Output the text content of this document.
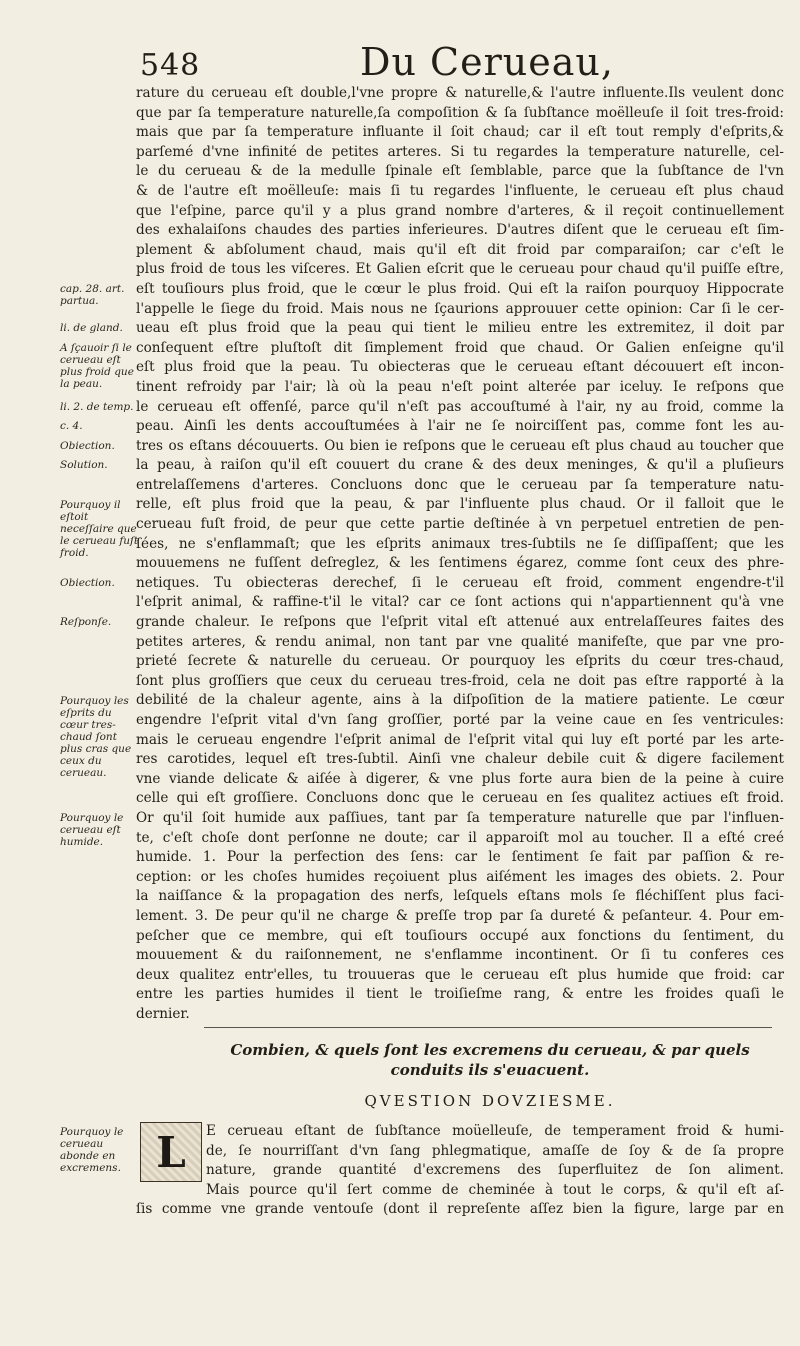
548	Du Cerueau,
cap. 28. art. partua.
li. de gland.
A ſçauoir ſi le cerueau eſt plus froid que la peau.
li. 2. de temp.
c. 4.
Obiection.
Solution.
Pourquoy il eſtoit neceſſaire que le cerueau fuſt froid.
Obiection.
Reſponſe.
Pourquoy les eſprits du cœur tres-chaud ſont plus cras que ceux du cerueau.
Pourquoy le cerueau eſt humide.
rature du cerueau eſt double,l'vne propre & naturelle,& l'autre influente.Ils veulent donc
que par ſa temperature naturelle,ſa compoſition & ſa ſubſtance moëlleuſe il ſoit tres-froid:
mais que par ſa temperature influante il ſoit chaud; car il eſt tout remply d'eſprits,&
parſemé d'vne infinité de petites arteres. Si tu regardes la temperature naturelle, cel-
le du cerueau & de la medulle ſpinale eſt ſemblable, parce que la ſubſtance de l'vn
& de l'autre eſt moëlleuſe: mais ſi tu regardes l'influente, le cerueau eſt plus chaud
que l'eſpine, parce qu'il y a plus grand nombre d'arteres, & il reçoit continuellement
des exhalaiſons chaudes des parties inferieures. D'autres diſent que le cerueau eſt ſim-
plement & abſolument chaud, mais qu'il eſt dit froid par comparaiſon; car c'eſt le
plus froid de tous les viſceres. Et Galien eſcrit que le cerueau pour chaud qu'il puiſſe eſtre,
eſt touſiours plus froid, que le cœur le plus froid. Qui eſt la raiſon pourquoy Hippocrate
l'appelle le ſiege du froid. Mais nous ne ſçaurions approuuer cette opinion: Car ſi le cer-
ueau eſt plus froid que la peau qui tient le milieu entre les extremitez, il doit par
conſequent eſtre pluſtoſt dit ſimplement froid que chaud. Or Galien enſeigne qu'il
eſt plus froid que la peau. Tu obiecteras que le cerueau eſtant découuert eſt incon-
tinent refroidy par l'air; là où la peau n'eſt point alterée par iceluy. Ie reſpons que
le cerueau eſt offenſé, parce qu'il n'eſt pas accouſtumé à l'air, ny au froid, comme la
peau. Ainſi les dents accouſtumées à l'air ne ſe noirciſſent pas, comme font les au-
tres os eſtans découuerts. Ou bien ie reſpons que le cerueau eſt plus chaud au toucher que
la peau, à raiſon qu'il eſt couuert du crane & des deux meninges, & qu'il a pluſieurs
entrelaſſemens d'arteres. Concluons donc que le cerueau par ſa temperature natu-
relle, eſt plus froid que la peau, & par l'influente plus chaud. Or il falloit que le
cerueau fuſt froid, de peur que cette partie deſtinée à vn perpetuel entretien de pen-
ſées, ne s'enflammaſt; que les eſprits animaux tres-ſubtils ne ſe diſſipaſſent; que les
mouuemens ne fuſſent deſreglez, & les ſentimens égarez, comme ſont ceux des phre-
netiques. Tu obiecteras derechef, ſi le cerueau eſt froid, comment engendre-t'il
l'eſprit animal, & raffine-t'il le vital? car ce ſont actions qui n'appartiennent qu'à vne
grande chaleur. Ie reſpons que l'eſprit vital eſt attenué aux entrelaſſeures faites des
petites arteres, & rendu animal, non tant par vne qualité manifeſte, que par vne pro-
prieté ſecrete & naturelle du cerueau. Or pourquoy les eſprits du cœur tres-chaud,
ſont plus groſſiers que ceux du cerueau tres-froid, cela ne doit pas eſtre rapporté à la
debilité de la chaleur agente, ains à la diſpoſition de la matiere patiente. Le cœur
engendre l'eſprit vital d'vn ſang groſſier, porté par la veine caue en ſes ventricules:
mais le cerueau engendre l'eſprit animal de l'eſprit vital qui luy eſt porté par les arte-
res carotides, lequel eſt tres-ſubtil. Ainſi vne chaleur debile cuit & digere facilement
vne viande delicate & aiſée à digerer, & vne plus forte aura bien de la peine à cuire
celle qui eſt groſſiere. Concluons donc que le cerueau en ſes qualitez actiues eſt froid.
Or qu'il ſoit humide aux paſſiues, tant par ſa temperature naturelle que par l'influen-
te, c'eſt choſe dont perſonne ne doute; car il apparoiſt mol au toucher. Il a eſté creé
humide. 1. Pour la perfection des ſens: car le ſentiment ſe fait par paſſion & re-
ception: or les choſes humides reçoiuent plus aiſément les images des obiets. 2. Pour
la naiſſance & la propagation des nerfs, leſquels eſtans mols ſe fléchiſſent plus faci-
lement. 3. De peur qu'il ne charge & preſſe trop par ſa dureté & peſanteur. 4. Pour em-
peſcher que ce membre, qui eſt touſiours occupé aux fonctions du ſentiment, du
mouuement & du raiſonnement, ne s'enflamme incontinent. Or ſi tu conferes ces
deux qualitez entr'elles, tu trouueras que le cerueau eſt plus humide que froid: car
entre les parties humides il tient le troiſieſme rang, & entre les froides quaſi le
dernier.
Combien, & quels ſont les excremens du cerueau, & par quels
conduits ils s'euacuent.
QVESTION DOVZIESME.
L
Pourquoy le cerueau abonde en excremens.
E cerueau eſtant de ſubſtance moüelleuſe, de temperament froid & humi-
de, ſe nourriſſant d'vn ſang phlegmatique, amaſſe de ſoy & de ſa propre
nature, grande quantité d'excremens des ſuperfluitez de ſon aliment.
Mais pource qu'il ſert comme de cheminée à tout le corps, & qu'il eſt aſ-
ſis comme vne grande ventouſe (dont il repreſente aſſez bien la figure, large par en
